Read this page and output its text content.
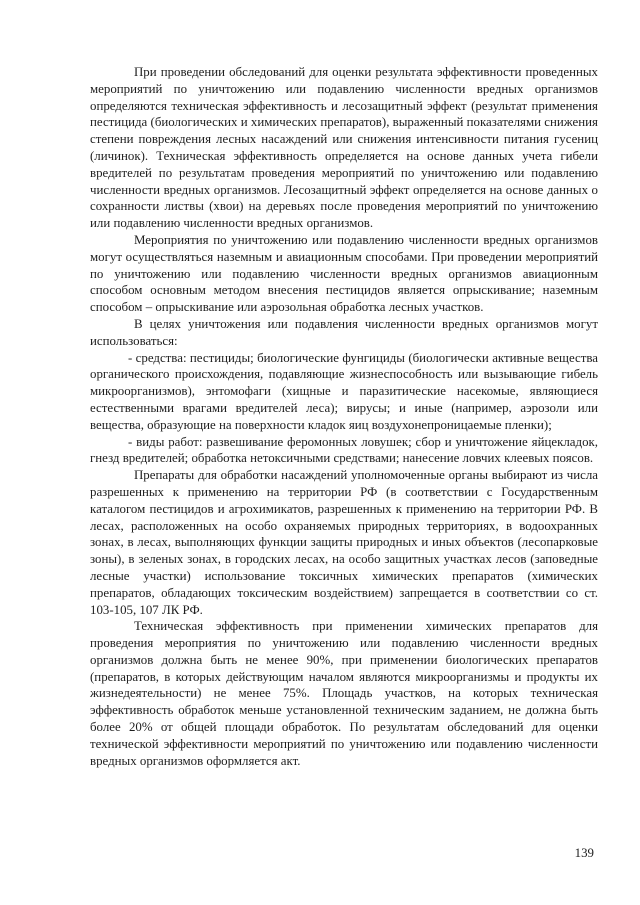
При проведении обследований для оценки результата эффективности проведенных мероприятий по уничтожению или подавлению численности вредных организмов определяются техническая эффективность и лесозащитный эффект (результат применения пестицида (биологических и химических препаратов), выраженный показателями снижения степени повреждения лесных насаждений или снижения интенсивности питания гусениц (личинок). Техническая эффективность определяется на основе данных учета гибели вредителей по результатам проведения мероприятий по уничтожению или подавлению численности вредных организмов. Лесозащитный эффект определяется на основе данных о сохранности листвы (хвои) на деревьях после проведения мероприятий по уничтожению или подавлению численности вредных организмов.

Мероприятия по уничтожению или подавлению численности вредных организмов могут осуществляться наземным и авиационным способами. При проведении мероприятий по уничтожению или подавлению численности вредных организмов авиационным способом основным методом внесения пестицидов является опрыскивание; наземным способом – опрыскивание или аэрозольная обработка лесных участков.

В целях уничтожения или подавления численности вредных организмов могут использоваться:

- средства: пестициды; биологические фунгициды (биологически активные вещества органического происхождения, подавляющие жизнеспособность или вызывающие гибель микроорганизмов), энтомофаги (хищные и паразитические насекомые, являющиеся естественными врагами вредителей леса); вирусы; и иные (например, аэрозоли или вещества, образующие на поверхности кладок яиц воздухонепроницаемые пленки);

- виды работ: развешивание феромонных ловушек; сбор и уничтожение яйцекладок, гнезд вредителей; обработка нетоксичными средствами; нанесение ловчих клеевых поясов.

Препараты для обработки насаждений уполномоченные органы выбирают из числа разрешенных к применению на территории РФ (в соответствии с Государственным каталогом пестицидов и агрохимикатов, разрешенных к применению на территории РФ. В лесах, расположенных на особо охраняемых природных территориях, в водоохранных зонах, в лесах, выполняющих функции защиты природных и иных объектов (лесопарковые зоны), в зеленых зонах, в городских лесах, на особо защитных участках лесов (заповедные лесные участки) использование токсичных химических препаратов (химических препаратов, обладающих токсическим воздействием) запрещается в соответствии со ст. 103-105, 107 ЛК РФ.

Техническая эффективность при применении химических препаратов для проведения мероприятия по уничтожению или подавлению численности вредных организмов должна быть не менее 90%, при применении биологических препаратов (препаратов, в которых действующим началом являются микроорганизмы и продукты их жизнедеятельности) не менее 75%. Площадь участков, на которых техническая эффективность обработок меньше установленной техническим заданием, не должна быть более 20% от общей площади обработок. По результатам обследований для оценки технической эффективности мероприятий по уничтожению или подавлению численности вредных организмов оформляется акт.

139
